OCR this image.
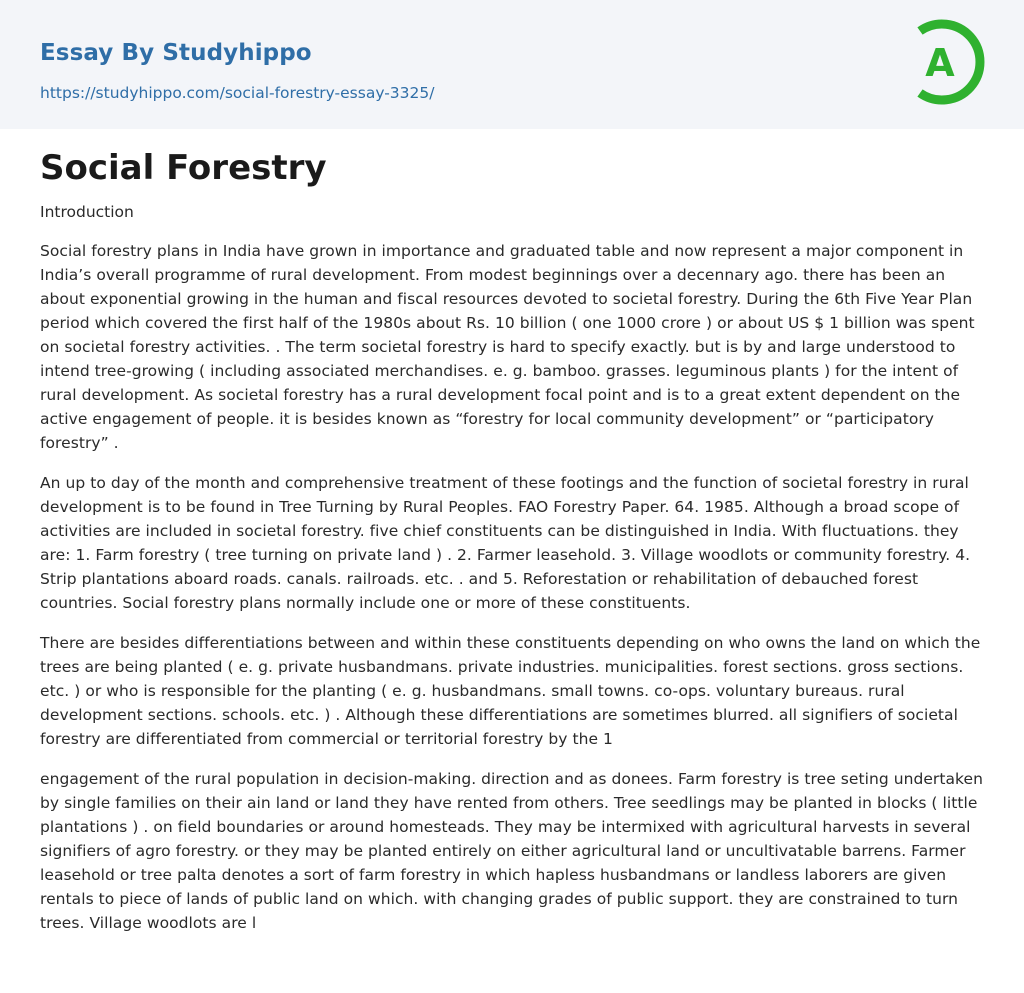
Essay By Studyhippo
https://studyhippo.com/social-forestry-essay-3325/
A
Social Forestry
Introduction

Social forestry plans in India have grown in importance and graduated table and now represent a major component in India’s overall programme of rural development. From modest beginnings over a decennary ago. there has been an about exponential growing in the human and fiscal resources devoted to societal forestry. During the 6th Five Year Plan period which covered the first half of the 1980s about Rs. 10 billion ( one 1000 crore ) or about US $ 1 billion was spent on societal forestry activities. . The term societal forestry is hard to specify exactly. but is by and large understood to intend tree-growing ( including associated merchandises. e. g. bamboo. grasses. leguminous plants ) for the intent of rural development. As societal forestry has a rural development focal point and is to a great extent dependent on the active engagement of people. it is besides known as “forestry for local community development” or “participatory forestry” .

An up to day of the month and comprehensive treatment of these footings and the function of societal forestry in rural development is to be found in Tree Turning by Rural Peoples. FAO Forestry Paper. 64. 1985. Although a broad scope of activities are included in societal forestry. five chief constituents can be distinguished in India. With fluctuations. they are: 1. Farm forestry ( tree turning on private land ) . 2. Farmer leasehold. 3. Village woodlots or community forestry. 4. Strip plantations aboard roads. canals. railroads. etc. . and 5. Reforestation or rehabilitation of debauched forest countries. Social forestry plans normally include one or more of these constituents.

There are besides differentiations between and within these constituents depending on who owns the land on which the trees are being planted ( e. g. private husbandmans. private industries. municipalities. forest sections. gross sections. etc. ) or who is responsible for the planting ( e. g. husbandmans. small towns. co-ops. voluntary bureaus. rural development sections. schools. etc. ) . Although these differentiations are sometimes blurred. all signifiers of societal forestry are differentiated from commercial or territorial forestry by the 1

engagement of the rural population in decision-making. direction and as donees. Farm forestry is tree seting undertaken by single families on their ain land or land they have rented from others. Tree seedlings may be planted in blocks ( little plantations ) . on field boundaries or around homesteads. They may be intermixed with agricultural harvests in several signifiers of agro forestry. or they may be planted entirely on either agricultural land or uncultivatable barrens. Farmer leasehold or tree palta denotes a sort of farm forestry in which hapless husbandmans or landless laborers are given rentals to piece of lands of public land on which. with changing grades of public support. they are constrained to turn trees. Village woodlots are l
